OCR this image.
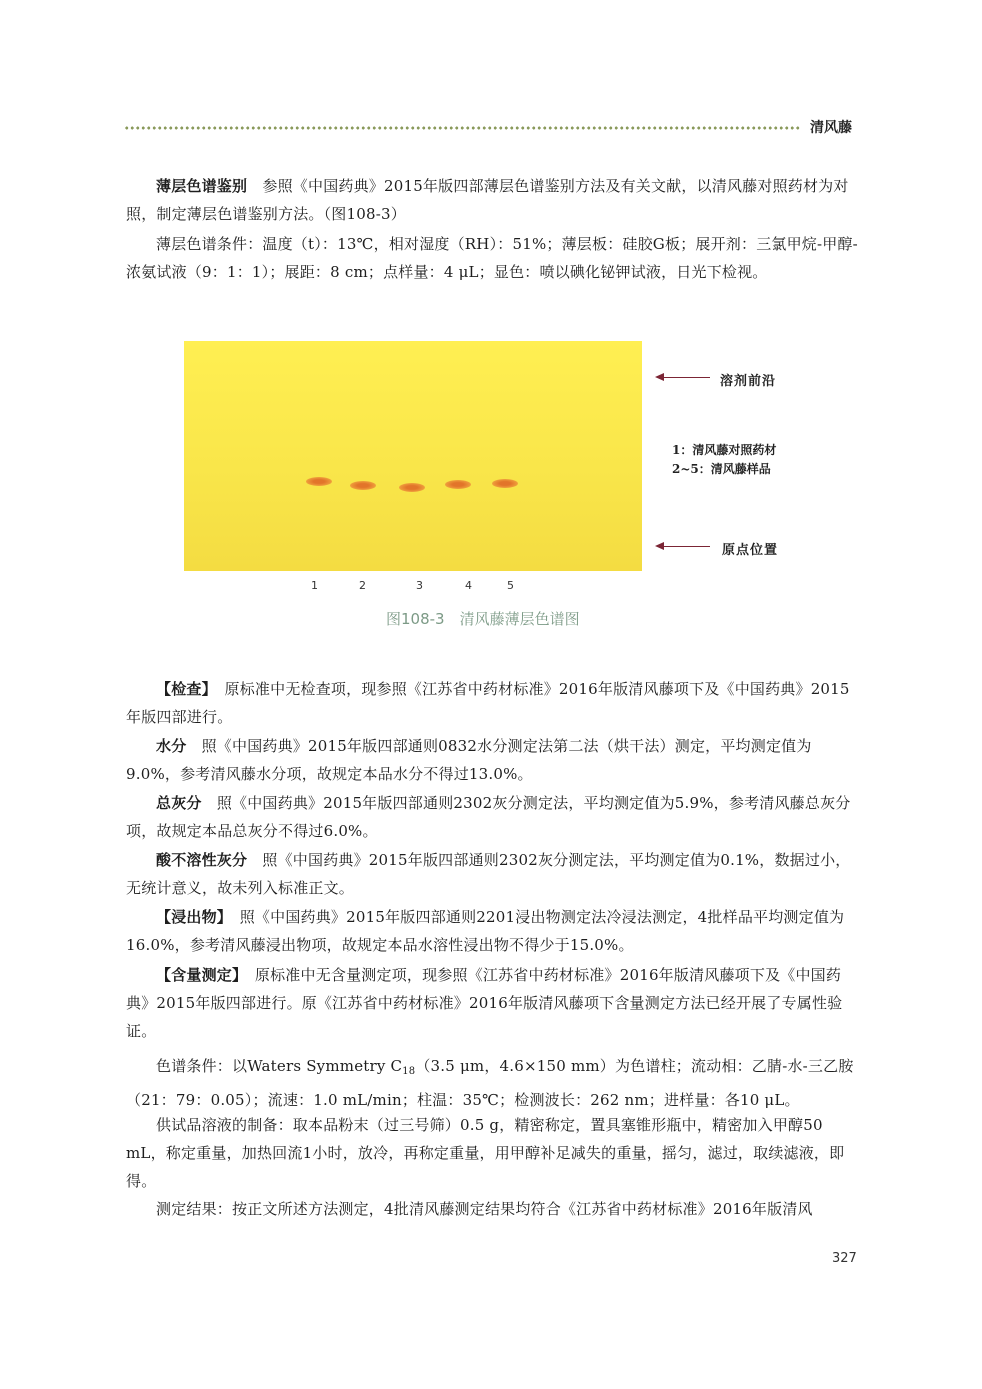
清风藤

薄层色谱鉴别　 参照《中国药典》2015年版四部薄层色谱鉴别方法及有关文献，以清风藤对照药材为对照，制定薄层色谱鉴别方法。（图108-3）

薄层色谱条件：温度（t）：13℃，相对湿度（RH）：51%；薄层板：硅胶G板；展开剂：三氯甲烷-甲醇-浓氨试液（9：1：1）；展距：8 cm；点样量：4 μL；显色：喷以碘化铋钾试液，日光下检视。

溶剂前沿
1：清风藤对照药材
2~5：清风藤样品
原点位置
1	2	3	4	5
图108-3　清风藤薄层色谱图

【检查】　 原标准中无检查项，现参照《江苏省中药材标准》2016年版清风藤项下及《中国药典》2015年版四部进行。

水分　 照《中国药典》2015年版四部通则0832水分测定法第二法（烘干法）测定，平均测定值为9.0%，参考清风藤水分项，故规定本品水分不得过13.0%。

总灰分　 照《中国药典》2015年版四部通则2302灰分测定法，平均测定值为5.9%，参考清风藤总灰分项，故规定本品总灰分不得过6.0%。

酸不溶性灰分　 照《中国药典》2015年版四部通则2302灰分测定法，平均测定值为0.1%，数据过小，无统计意义，故未列入标准正文。

【浸出物】　 照《中国药典》2015年版四部通则2201浸出物测定法冷浸法测定，4批样品平均测定值为16.0%，参考清风藤浸出物项，故规定本品水溶性浸出物不得少于15.0%。

【含量测定】　 原标准中无含量测定项，现参照《江苏省中药材标准》2016年版清风藤项下及《中国药典》2015年版四部进行。原《江苏省中药材标准》2016年版清风藤项下含量测定方法已经开展了专属性验证。

色谱条件：以Waters Symmetry $C_{18}(3.5$ μm，4.6×150 mm）为色谱柱；流动相：乙腈-水-三乙胺（21：79：0.05）；流速：1.0 mL/min；柱温：35℃；检测波长：262 nm；进样量：各10 μL。

供试品溶液的制备：取本品粉末（过三号筛）0.5 g，精密称定，置具塞锥形瓶中，精密加入甲醇50 mL，称定重量，加热回流1小时，放冷，再称定重量，用甲醇补足减失的重量，摇匀，滤过，取续滤液，即得。

测定结果：按正文所述方法测定，4批清风藤测定结果均符合《江苏省中药材标准》2016年版清风

327
